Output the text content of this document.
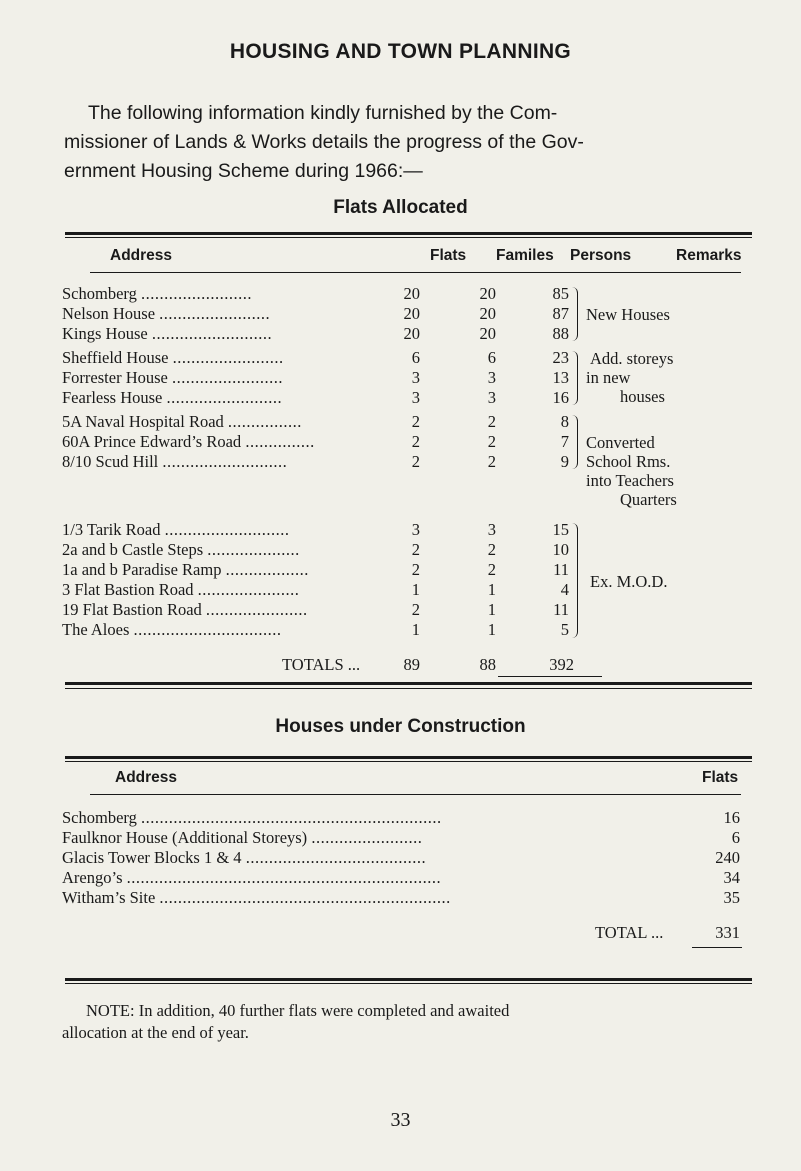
HOUSING AND TOWN PLANNING
The following information kindly furnished by the Com-
missioner of Lands & Works details the progress of the Gov-
ernment Housing Scheme during 1966:—
Flats Allocated
Address	Flats Familes Persons	Remarks
Schomberg ........................	20	20	85
Nelson House ........................	20	20	87
Kings House ..........................	20	20	88
New Houses
Sheffield House ........................	6	6	23
Forrester House ........................	3	3	13
Fearless House .........................	3	3	16
Add. storeys
in new
houses
5A Naval Hospital Road ................	2	2	8
60A Prince Edward’s Road ...............	2	2	7
8/10 Scud Hill ...........................	2	2	9
Converted
School Rms.
into Teachers
Quarters
1/3 Tarik Road ...........................	3	3	15
2a and b Castle Steps ....................	2	2	10
1a and b Paradise Ramp ..................	2	2	11
3 Flat Bastion Road ......................	1	1	4
19 Flat Bastion Road ......................	2	1	11
The Aloes ................................	1	1	5
Ex. M.O.D.
TOTALS ...	89	88	392
Houses under Construction
Address	Flats
Schomberg .................................................................	16
Faulknor House (Additional Storeys) ........................	6
Glacis Tower Blocks 1 & 4 .......................................	240
Arengo’s ....................................................................	34
Witham’s Site ...............................................................	35
TOTAL ...	331
NOTE: In addition, 40 further flats were completed and awaited
allocation at the end of year.
33
